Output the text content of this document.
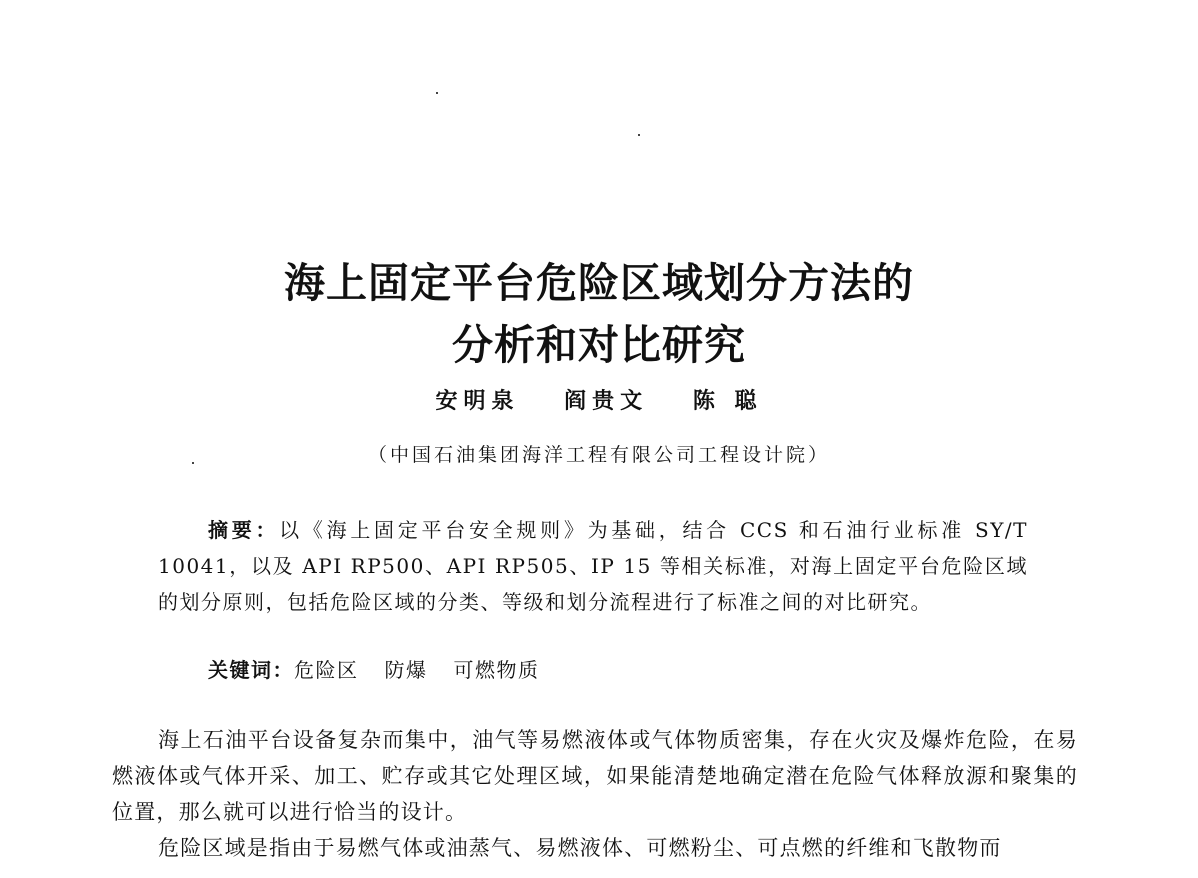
海上固定平台危险区域划分方法的
分析和对比研究
安明泉 阎贵文 陈 聪
（中国石油集团海洋工程有限公司工程设计院）

摘要：以《海上固定平台安全规则》为基础，结合 CCS 和石油行业标准 SY/T 10041，以及 API RP500、API RP505、IP 15 等相关标准，对海上固定平台危险区域的划分原则，包括危险区域的分类、等级和划分流程进行了标准之间的对比研究。

关键词：危险区 防爆 可燃物质

海上石油平台设备复杂而集中，油气等易燃液体或气体物质密集，存在火灾及爆炸危险，在易燃液体或气体开采、加工、贮存或其它处理区域，如果能清楚地确定潜在危险气体释放源和聚集的位置，那么就可以进行恰当的设计。

危险区域是指由于易燃气体或油蒸气、易燃液体、可燃粉尘、可点燃的纤维和飞散物而
